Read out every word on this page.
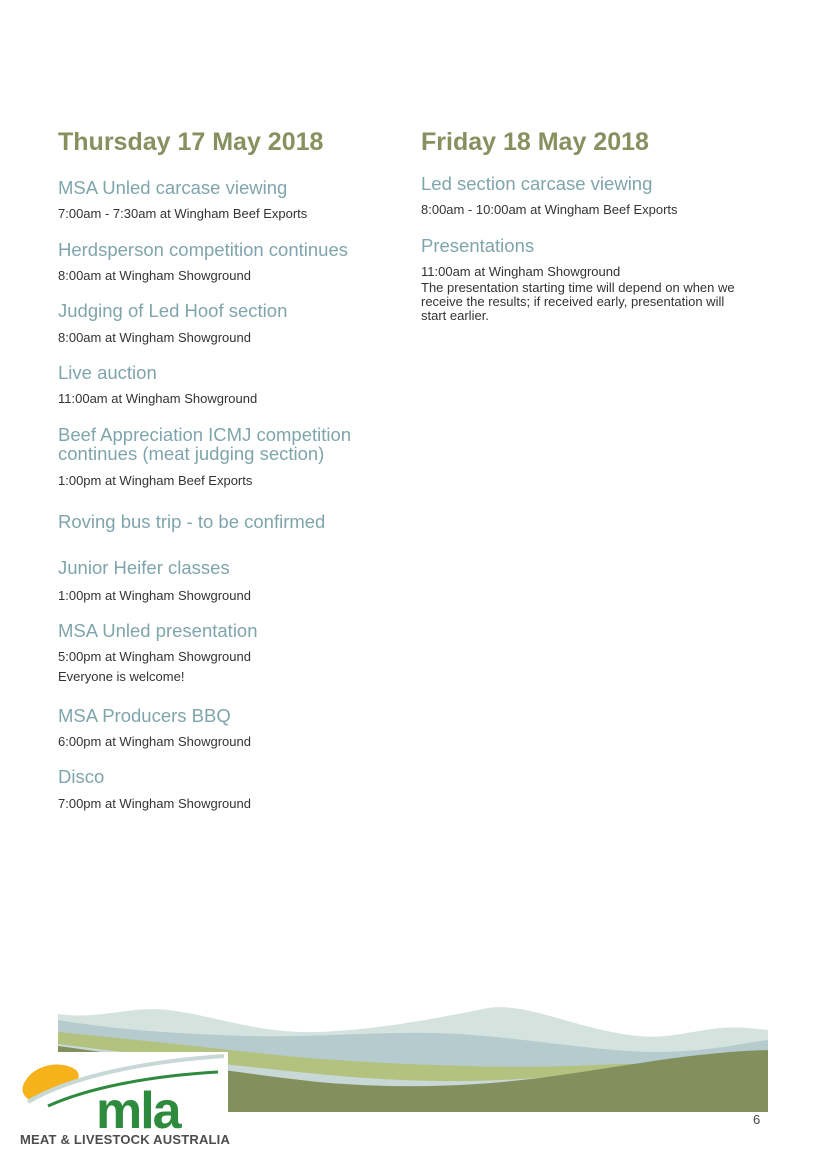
Thursday 17 May 2018
MSA Unled carcase viewing

7:00am - 7:30am at Wingham Beef Exports

Herdsperson competition continues

8:00am at Wingham Showground

Judging of Led Hoof section

8:00am at Wingham Showground

Live auction

11:00am at Wingham Showground

Beef Appreciation ICMJ competition
continues (meat judging section)

1:00pm at Wingham Beef Exports

Roving bus trip - to be confirmed
Junior Heifer classes

1:00pm at Wingham Showground

MSA Unled presentation

5:00pm at Wingham Showground

Everyone is welcome!

MSA Producers BBQ

6:00pm at Wingham Showground

Disco

7:00pm at Wingham Showground

Friday 18 May 2018
Led section carcase viewing

8:00am - 10:00am at Wingham Beef Exports

Presentations

11:00am at Wingham Showground

The presentation starting time will depend on when we
receive the results; if received early, presentation will
start earlier.

mla

MEAT & LIVESTOCK AUSTRALIA

6
